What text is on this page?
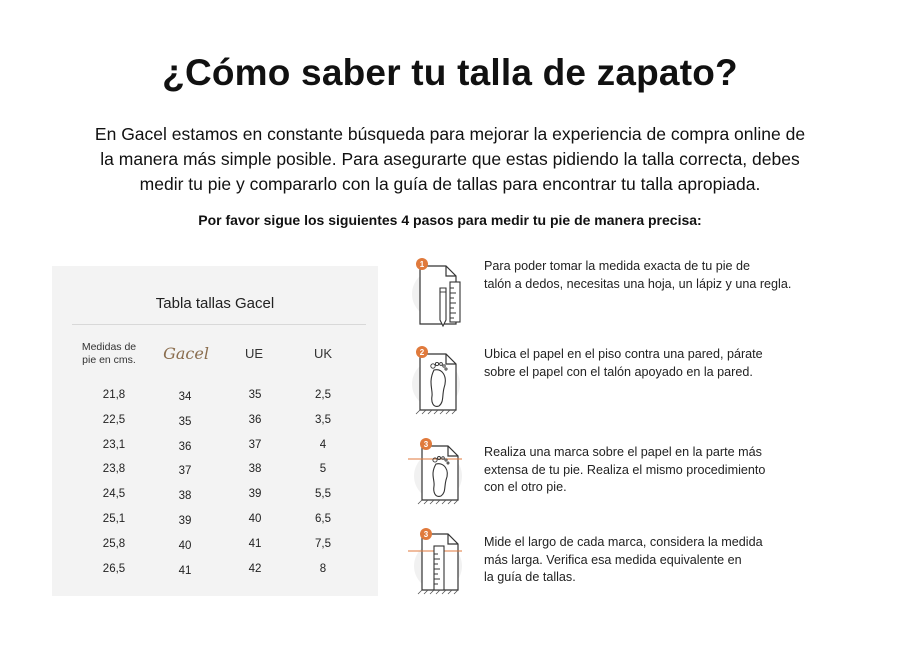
¿Cómo saber tu talla de zapato?
En Gacel estamos en constante búsqueda para mejorar la experiencia de compra online de
la manera más simple posible. Para asegurarte que estas pidiendo la talla correcta, debes
medir tu pie y compararlo con la guía de tallas para encontrar tu talla apropiada.
Por favor sigue los siguientes 4 pasos para medir tu pie de manera precisa:
Tabla tallas Gacel
Medidas de
pie en cms.	Gacel	UE	UK
21,8	34	35	2,5
22,5	35	36	3,5
23,1	36	37	4
23,8	37	38	5
24,5	38	39	5,5
25,1	39	40	6,5
25,8	40	41	7,5
26,5	41	42	8
1	Para poder tomar la medida exacta de tu pie de
talón a dedos, necesitas una hoja, un lápiz y una regla.
2	Ubica el papel en el piso contra una pared, párate
sobre el papel con el talón apoyado en la pared.
3
Realiza una marca sobre el papel en la parte más
extensa de tu pie. Realiza el mismo procedimiento
con el otro pie.
3
Mide el largo de cada marca, considera la medida
más larga. Verifica esa medida equivalente en
la guía de tallas.
